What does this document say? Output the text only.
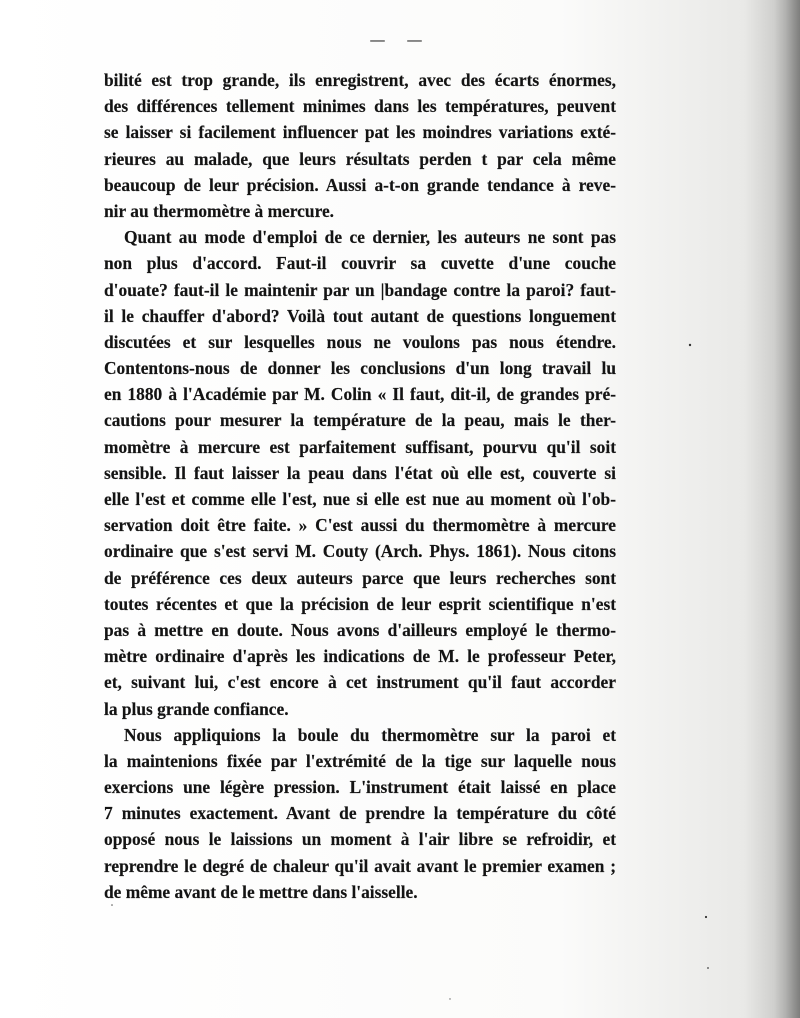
— —
bilité est trop grande, ils enregistrent, avec des écarts énormes,
des différences tellement minimes dans les températures, peuvent
se laisser si facilement influencer pat les moindres variations exté-
rieures au malade, que leurs résultats perden t par cela même
beaucoup de leur précision. Aussi a-t-on grande tendance à reve-
nir au thermomètre à mercure.
Quant au mode d'emploi de ce dernier, les auteurs ne sont pas
non plus d'accord. Faut-il couvrir sa cuvette d'une couche
d'ouate? faut-il le maintenir par un |bandage contre la paroi? faut-
il le chauffer d'abord? Voilà tout autant de questions longuement
discutées et sur lesquelles nous ne voulons pas nous étendre.
Contentons-nous de donner les conclusions d'un long travail lu
en 1880 à l'Académie par M. Colin « Il faut, dit-il, de grandes pré-
cautions pour mesurer la température de la peau, mais le ther-
momètre à mercure est parfaitement suffisant, pourvu qu'il soit
sensible. Il faut laisser la peau dans l'état où elle est, couverte si
elle l'est et comme elle l'est, nue si elle est nue au moment où l'ob-
servation doit être faite. » C'est aussi du thermomètre à mercure
ordinaire que s'est servi M. Couty (Arch. Phys. 1861). Nous citons
de préférence ces deux auteurs parce que leurs recherches sont
toutes récentes et que la précision de leur esprit scientifique n'est
pas à mettre en doute. Nous avons d'ailleurs employé le thermo-
mètre ordinaire d'après les indications de M. le professeur Peter,
et, suivant lui, c'est encore à cet instrument qu'il faut accorder
la plus grande confiance.
Nous appliquions la boule du thermomètre sur la paroi et
la maintenions fixée par l'extrémité de la tige sur laquelle nous
exercions une légère pression. L'instrument était laissé en place
7 minutes exactement. Avant de prendre la température du côté
opposé nous le laissions un moment à l'air libre se refroidir, et
reprendre le degré de chaleur qu'il avait avant le premier examen ;
de même avant de le mettre dans l'aisselle.
